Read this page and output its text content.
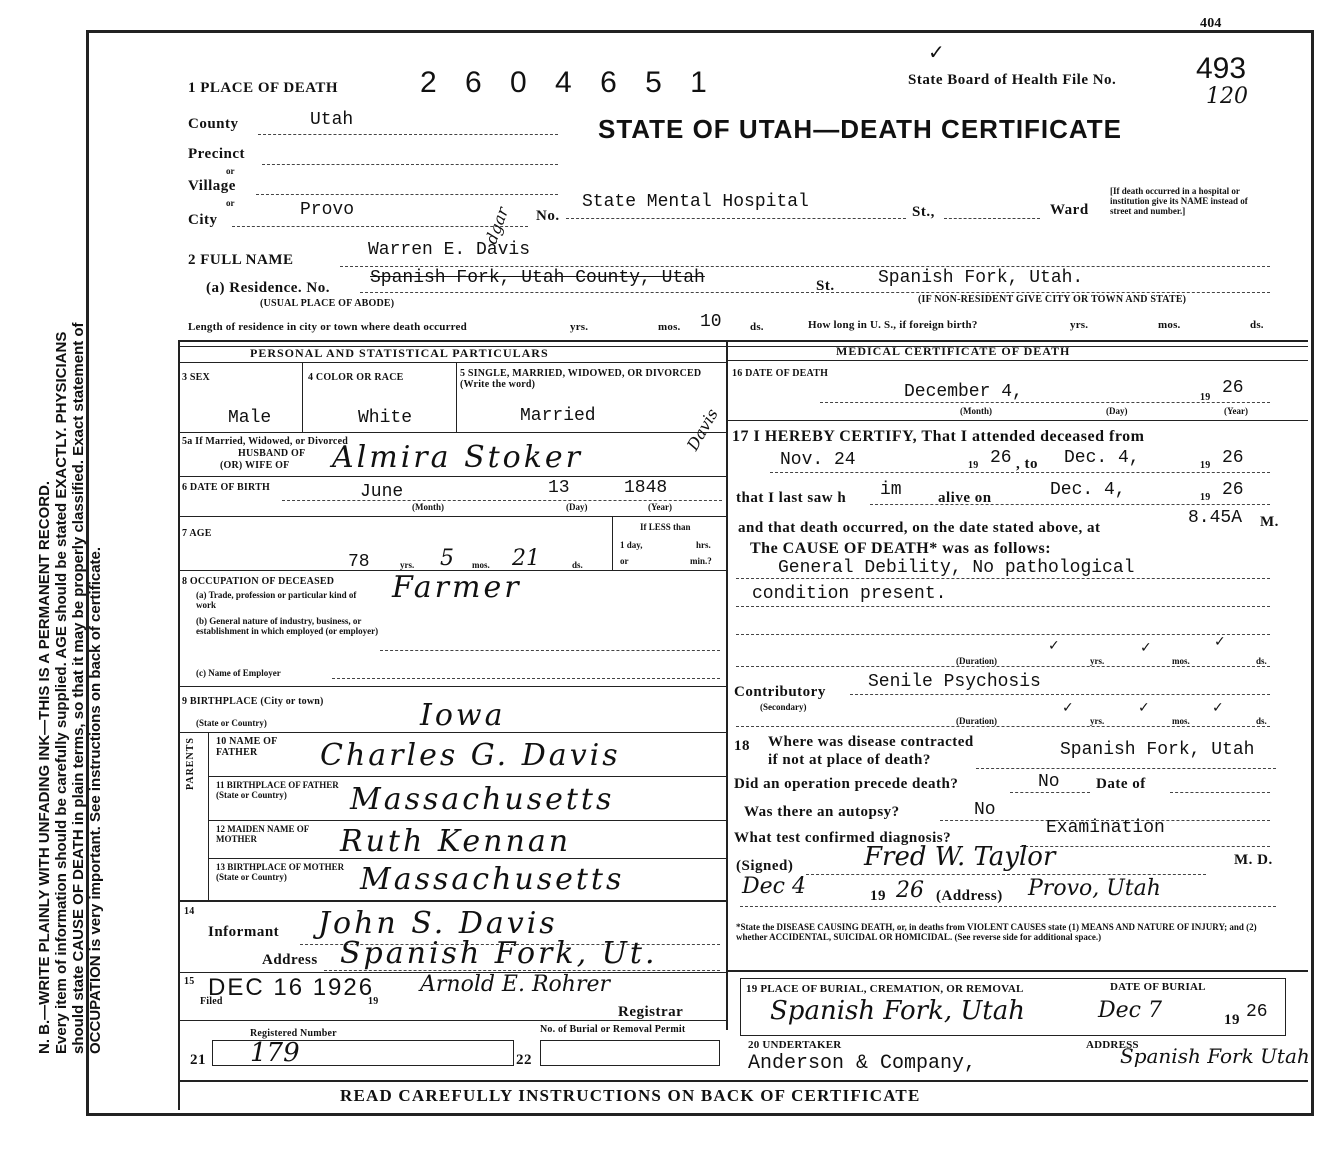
N. B.—WRITE PLAINLY WITH UNFADING INK—THIS IS A PERMANENT RECORD. Every item of information should be carefully supplied. AGE should be stated EXACTLY. PHYSICIANS should state CAUSE OF DEATH in plain terms, so that it may be properly classified. Exact statement of OCCUPATION is very important. See instructions on back of certificate.
404
✓
1 PLACE OF DEATH	2 6 0 4 6 5 1	State Board of Health File No.	493
120
STATE OF UTAH—DEATH CERTIFICATE
County	Utah
Precinct
or
Village
or
City	Provo	No.
State Mental Hospital	St.,	Ward
[If death occurred in a hospital or institution give its NAME instead of street and number.]
2 FULL NAME	Warren E. Davis
dgar
(a) Residence. No. Spanish Fork, Utah County, Utah
(USUAL PLACE OF ABODE)
St. Spanish Fork, Utah.
(IF NON-RESIDENT GIVE CITY OR TOWN AND STATE)
Length of residence in city or town where death occurred	yrs.	mos. 10	ds.	How long in U. S., if foreign birth?	yrs.	mos.	ds.
PERSONAL AND STATISTICAL PARTICULARS
3 SEX
Male
4 COLOR OR RACE
White
5 SINGLE, MARRIED, WIDOWED, OR DIVORCED (Write the word)
Married
5a If Married, Widowed, or Divorced
HUSBAND OF
(OR) WIFE OF Almira Stoker
Davis
6 DATE OF BIRTH	June	13	1848
(Month)	(Day)	(Year)
7 AGE
78	yrs. 5 mos. 21	ds.
If LESS than
1 day,	hrs.
or	min.?
8 OCCUPATION OF DECEASED
(a) Trade, profession or particular kind of work	Farmer
(b) General nature of industry, business, or establishment in which employed (or employer)
(c) Name of Employer
9 BIRTHPLACE (City or town)
(State or Country)	Iowa
PARENTS 10 NAME OF FATHER	Charles G. Davis
11 BIRTHPLACE OF FATHER (State or Country)	Massachusetts
12 MAIDEN NAME OF MOTHER	Ruth Kennan
13 BIRTHPLACE OF MOTHER (State or Country)	Massachusetts
14
Informant John S. Davis
Address Spanish Fork, Ut.
15
Filed
DEC 16 1926
19
Arnold E. Rohrer
Registrar
Registered Number	No. of Burial or Removal Permit
21 179	22
MEDICAL CERTIFICATE OF DEATH
16 DATE OF DEATH
December 4,	19 26
(Month)	(Day)	(Year)
17 I HEREBY CERTIFY, That I attended deceased from
Nov. 24	19 26 , to Dec. 4,	19 26
that I last saw h im alive on	Dec. 4,	19 26
and that death occurred, on the date stated above, at	8.45A M.
The CAUSE OF DEATH* was as follows:
General Debility, No pathological
condition present.
(Duration)
✓
yrs.
✓
mos.
✓
ds.
Contributory
(Secondary)
Senile Psychosis
(Duration)
✓
yrs.
✓
mos.
✓
ds.
18 Where was disease contracted
if not at place of death?	Spanish Fork, Utah
Did an operation precede death?	No Date of
Was there an autopsy?	No
What test confirmed diagnosis?	Examination
(Signed)	Fred W. Taylor	M. D.
Dec 4	19 26 (Address) Provo, Utah
*State the DISEASE CAUSING DEATH, or, in deaths from VIOLENT CAUSES state (1) MEANS AND NATURE OF INJURY; and (2) whether ACCIDENTAL, SUICIDAL OR HOMICIDAL. (See reverse side for additional space.)
19 PLACE OF BURIAL, CREMATION, OR REMOVAL	DATE OF BURIAL
Spanish Fork, Utah	Dec 7	19 26
20 UNDERTAKER
Anderson & Company,
ADDRESS
Spanish Fork Utah
READ CAREFULLY INSTRUCTIONS ON BACK OF CERTIFICATE
